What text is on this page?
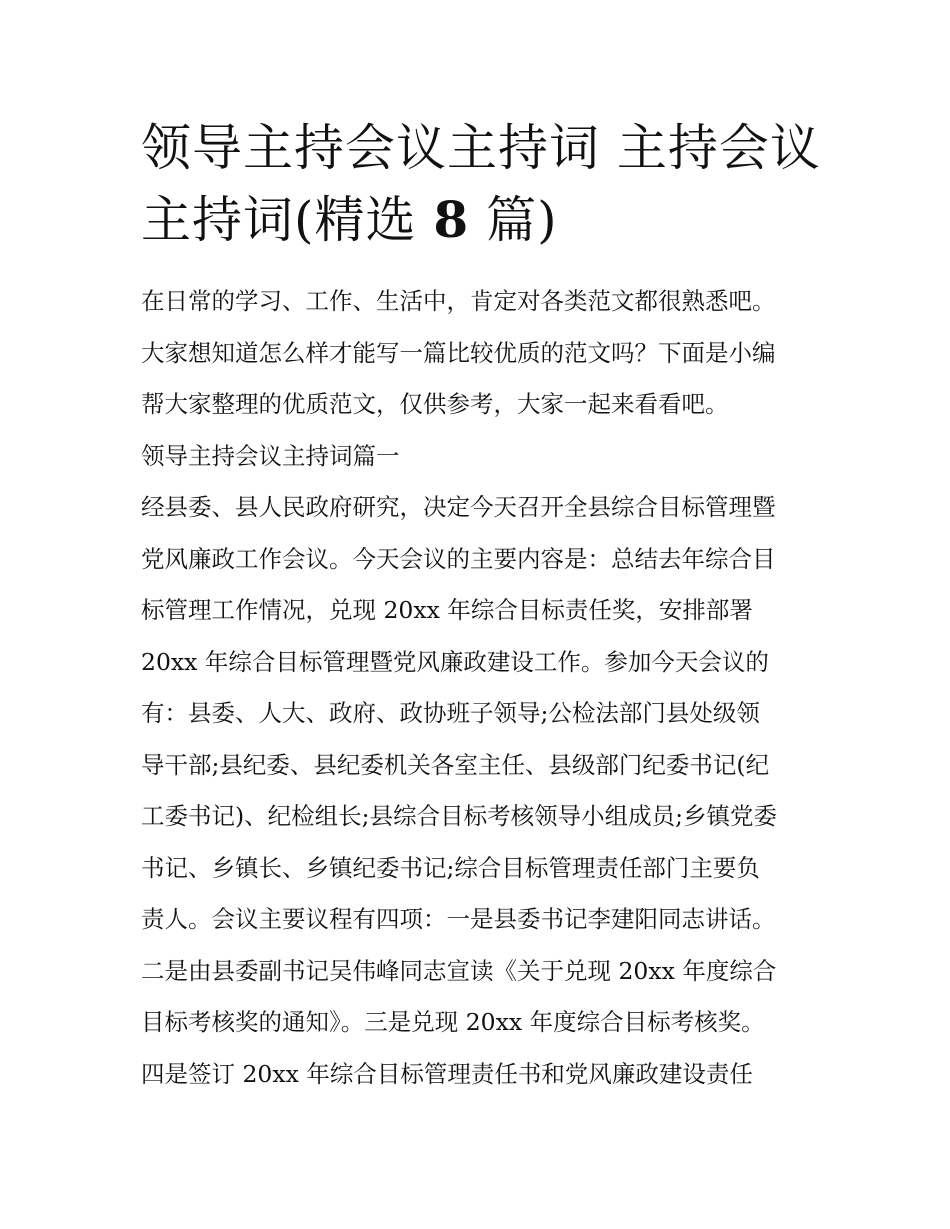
领导主持会议主持词 主持会议
主持词(精选 8 篇)
在日常的学习、工作、生活中，肯定对各类范文都很熟悉吧。
大家想知道怎么样才能写一篇比较优质的范文吗？下面是小编
帮大家整理的优质范文，仅供参考，大家一起来看看吧。
领导主持会议主持词篇一
经县委、县人民政府研究，决定今天召开全县综合目标管理暨
党风廉政工作会议。今天会议的主要内容是：总结去年综合目
标管理工作情况，兑现 20xx 年综合目标责任奖，安排部署
20xx 年综合目标管理暨党风廉政建设工作。参加今天会议的
有：县委、人大、政府、政协班子领导;公检法部门县处级领
导干部;县纪委、县纪委机关各室主任、县级部门纪委书记(纪
工委书记)、纪检组长;县综合目标考核领导小组成员;乡镇党委
书记、乡镇长、乡镇纪委书记;综合目标管理责任部门主要负
责人。会议主要议程有四项：一是县委书记李建阳同志讲话。
二是由县委副书记吴伟峰同志宣读《关于兑现 20xx 年度综合
目标考核奖的通知》。三是兑现 20xx 年度综合目标考核奖。
四是签订 20xx 年综合目标管理责任书和党风廉政建设责任
